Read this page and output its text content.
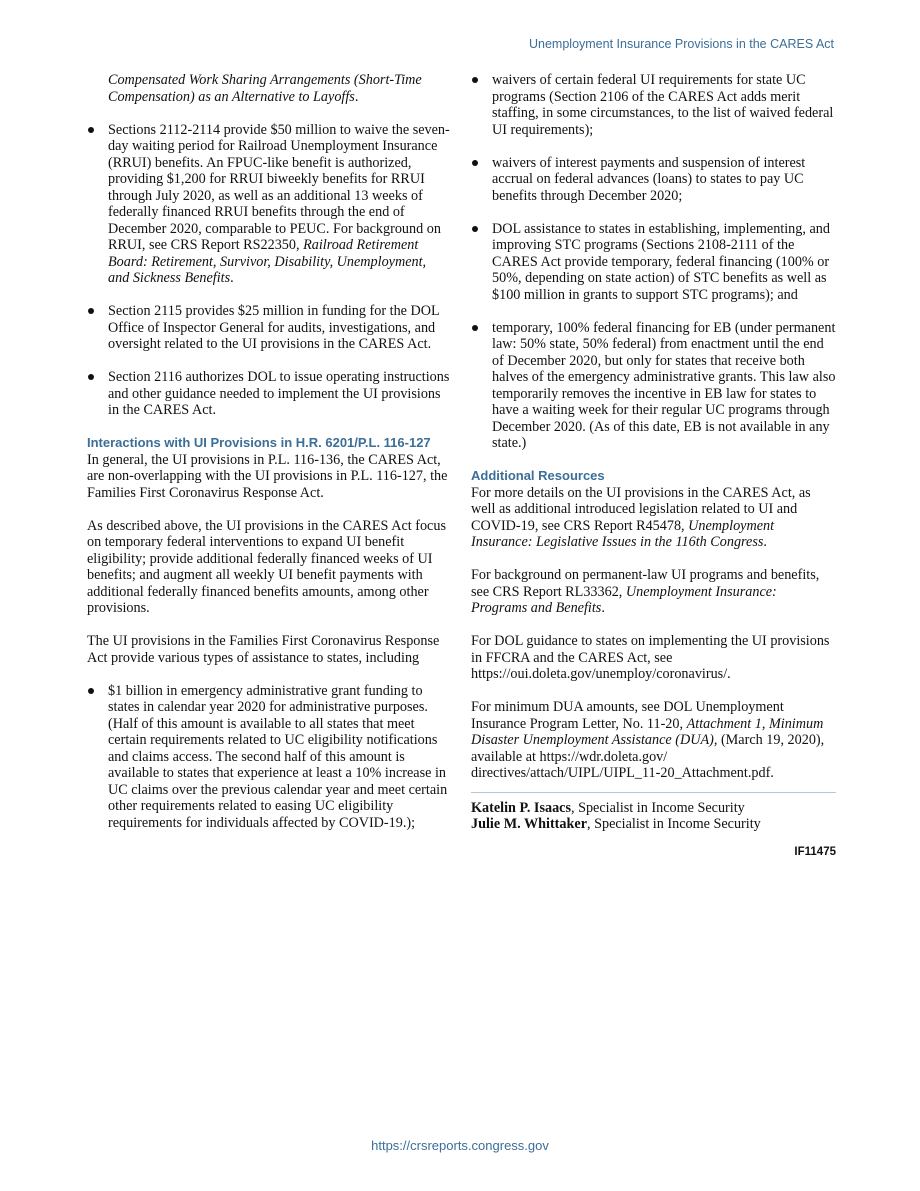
Unemployment Insurance Provisions in the CARES Act
Compensated Work Sharing Arrangements (Short-Time Compensation) as an Alternative to Layoffs.
Sections 2112-2114 provide $50 million to waive the seven-day waiting period for Railroad Unemployment Insurance (RRUI) benefits. An FPUC-like benefit is authorized, providing $1,200 for RRUI biweekly benefits for RRUI through July 2020, as well as an additional 13 weeks of federally financed RRUI benefits through the end of December 2020, comparable to PEUC. For background on RRUI, see CRS Report RS22350, Railroad Retirement Board: Retirement, Survivor, Disability, Unemployment, and Sickness Benefits.
Section 2115 provides $25 million in funding for the DOL Office of Inspector General for audits, investigations, and oversight related to the UI provisions in the CARES Act.
Section 2116 authorizes DOL to issue operating instructions and other guidance needed to implement the UI provisions in the CARES Act.
Interactions with UI Provisions in H.R. 6201/P.L. 116-127

In general, the UI provisions in P.L. 116-136, the CARES Act, are non-overlapping with the UI provisions in P.L. 116-127, the Families First Coronavirus Response Act.

As described above, the UI provisions in the CARES Act focus on temporary federal interventions to expand UI benefit eligibility; provide additional federally financed weeks of UI benefits; and augment all weekly UI benefit payments with additional federally financed benefits amounts, among other provisions.

The UI provisions in the Families First Coronavirus Response Act provide various types of assistance to states, including

$1 billion in emergency administrative grant funding to states in calendar year 2020 for administrative purposes. (Half of this amount is available to all states that meet certain requirements related to UC eligibility notifications and claims access. The second half of this amount is available to states that experience at least a 10% increase in UC claims over the previous calendar year and meet certain other requirements related to easing UC eligibility requirements for individuals affected by COVID-19.);
waivers of certain federal UI requirements for state UC programs (Section 2106 of the CARES Act adds merit staffing, in some circumstances, to the list of waived federal UI requirements);
waivers of interest payments and suspension of interest accrual on federal advances (loans) to states to pay UC benefits through December 2020;
DOL assistance to states in establishing, implementing, and improving STC programs (Sections 2108-2111 of the CARES Act provide temporary, federal financing (100% or 50%, depending on state action) of STC benefits as well as $100 million in grants to support STC programs); and
temporary, 100% federal financing for EB (under permanent law: 50% state, 50% federal) from enactment until the end of December 2020, but only for states that receive both halves of the emergency administrative grants. This law also temporarily removes the incentive in EB law for states to have a waiting week for their regular UC programs through December 2020. (As of this date, EB is not available in any state.)
Additional Resources

For more details on the UI provisions in the CARES Act, as well as additional introduced legislation related to UI and COVID-19, see CRS Report R45478, Unemployment Insurance: Legislative Issues in the 116th Congress.

For background on permanent-law UI programs and benefits, see CRS Report RL33362, Unemployment Insurance: Programs and Benefits.

For DOL guidance to states on implementing the UI provisions in FFCRA and the CARES Act, see https://oui.doleta.gov/unemploy/coronavirus/.

For minimum DUA amounts, see DOL Unemployment Insurance Program Letter, No. 11-20, Attachment 1, Minimum Disaster Unemployment Assistance (DUA), (March 19, 2020), available at https://wdr.doleta.gov/ directives/attach/UIPL/UIPL_11-20_Attachment.pdf.

Katelin P. Isaacs, Specialist in Income Security
Julie M. Whittaker, Specialist in Income Security
IF11475
https://crsreports.congress.gov
